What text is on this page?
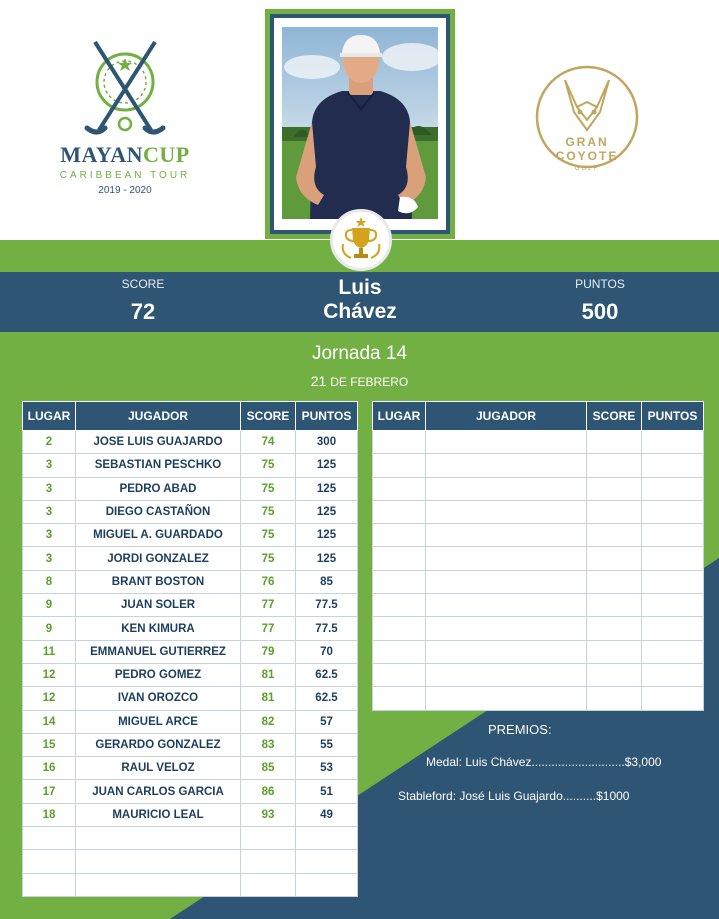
MAYANCUP
CARIBBEAN TOUR
2019 - 2020
GRAN
COYOTE
GOLF
SCORE
72
Luis
Chávez
PUNTOS
500
Jornada 14
21 DE FEBRERO
LUGAR	JUGADOR	SCORE	PUNTOS
2	JOSE LUIS GUAJARDO	74	300
3	SEBASTIAN PESCHKO	75	125
3	PEDRO ABAD	75	125
3	DIEGO CASTAÑON	75	125
3	MIGUEL A. GUARDADO	75	125
3	JORDI GONZALEZ	75	125
8	BRANT BOSTON	76	85
9	JUAN SOLER	77	77.5
9	KEN KIMURA	77	77.5
11	EMMANUEL GUTIERREZ	79	70
12	PEDRO GOMEZ	81	62.5
12	IVAN OROZCO	81	62.5
14	MIGUEL ARCE	82	57
15	GERARDO GONZALEZ	83	55
16	RAUL VELOZ	85	53
17	JUAN CARLOS GARCIA	86	51
18	MAURICIO LEAL	93	49

LUGAR	JUGADOR	SCORE	PUNTOS

PREMIOS:
Medal: Luis Chávez............................$3,000
Stableford: José Luis Guajardo..........$1000
